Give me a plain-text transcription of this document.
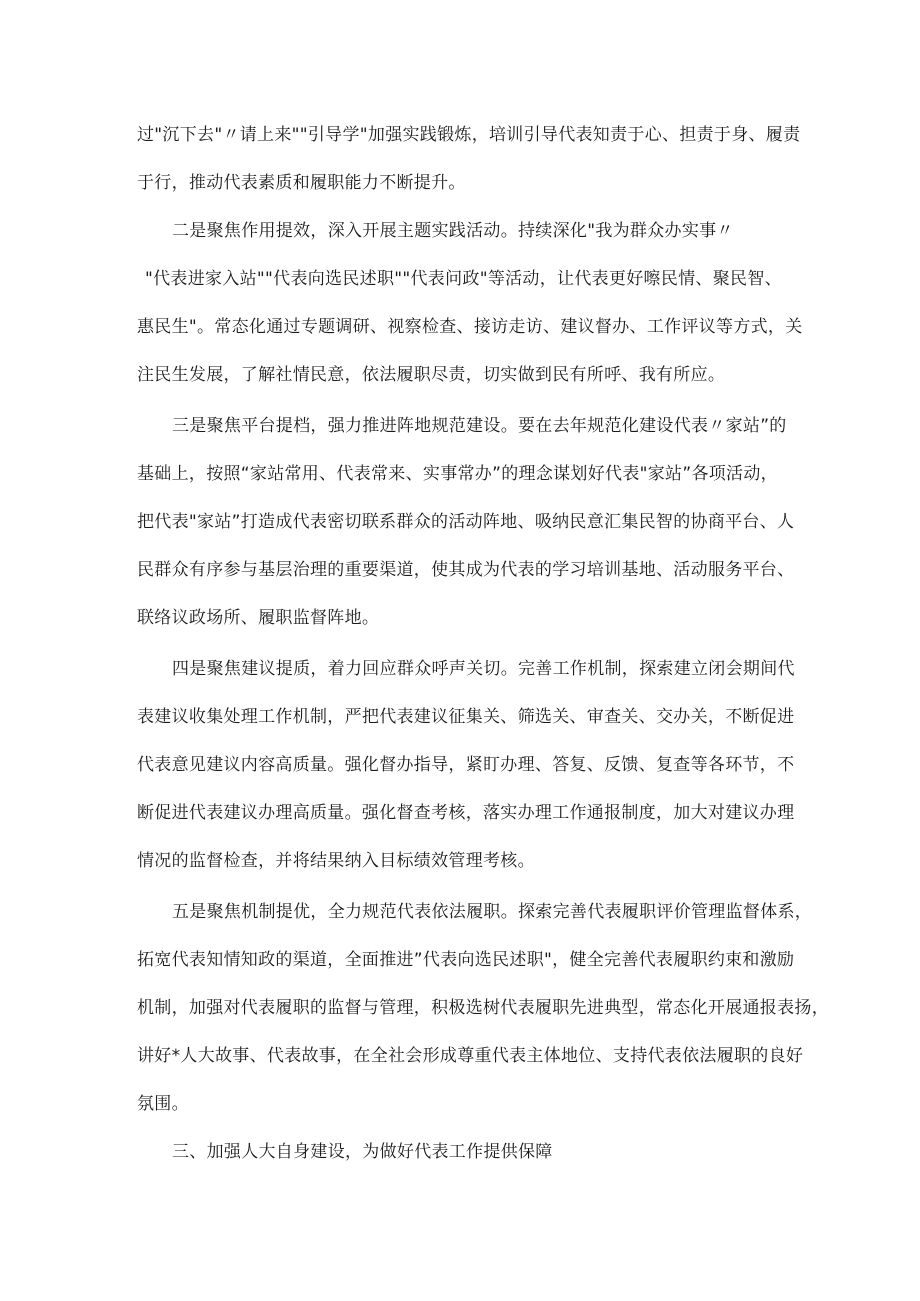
过"沉下去"〃请上来""引导学"加强实践锻炼，培训引导代表知责于心、担责于身、履责
于行，推动代表素质和履职能力不断提升。
二是聚焦作用提效，深入开展主题实践活动。持续深化"我为群众办实事〃
"代表进家入站""代表向选民述职""代表问政"等活动，让代表更好嚓民情、聚民智、
惠民生"。常态化通过专题调研、视察检查、接访走访、建议督办、工作评议等方式，关
注民生发展，了解社情民意，依法履职尽责，切实做到民有所呼、我有所应。
三是聚焦平台提档，强力推进阵地规范建设。要在去年规范化建设代表〃家站”的
基础上，按照“家站常用、代表常来、实事常办”的理念谋划好代表"家站”各项活动，
把代表"家站”打造成代表密切联系群众的活动阵地、吸纳民意汇集民智的协商平台、人
民群众有序参与基层治理的重要渠道，使其成为代表的学习培训基地、活动服务平台、
联络议政场所、履职监督阵地。
四是聚焦建议提质，着力回应群众呼声关切。完善工作机制，探索建立闭会期间代
表建议收集处理工作机制，严把代表建议征集关、筛选关、审查关、交办关，不断促进
代表意见建议内容高质量。强化督办指导，紧盯办理、答复、反馈、复查等各环节，不
断促进代表建议办理高质量。强化督查考核，落实办理工作通报制度，加大对建议办理
情况的监督检查，并将结果纳入目标绩效管理考核。
五是聚焦机制提优，全力规范代表依法履职。探索完善代表履职评价管理监督体系，
拓宽代表知情知政的渠道，全面推进”代表向选民述职"，健全完善代表履职约束和激励
机制，加强对代表履职的监督与管理，积极选树代表履职先进典型，常态化开展通报表扬，
讲好*人大故事、代表故事，在全社会形成尊重代表主体地位、支持代表依法履职的良好
氛围。
三、加强人大自身建设，为做好代表工作提供保障
